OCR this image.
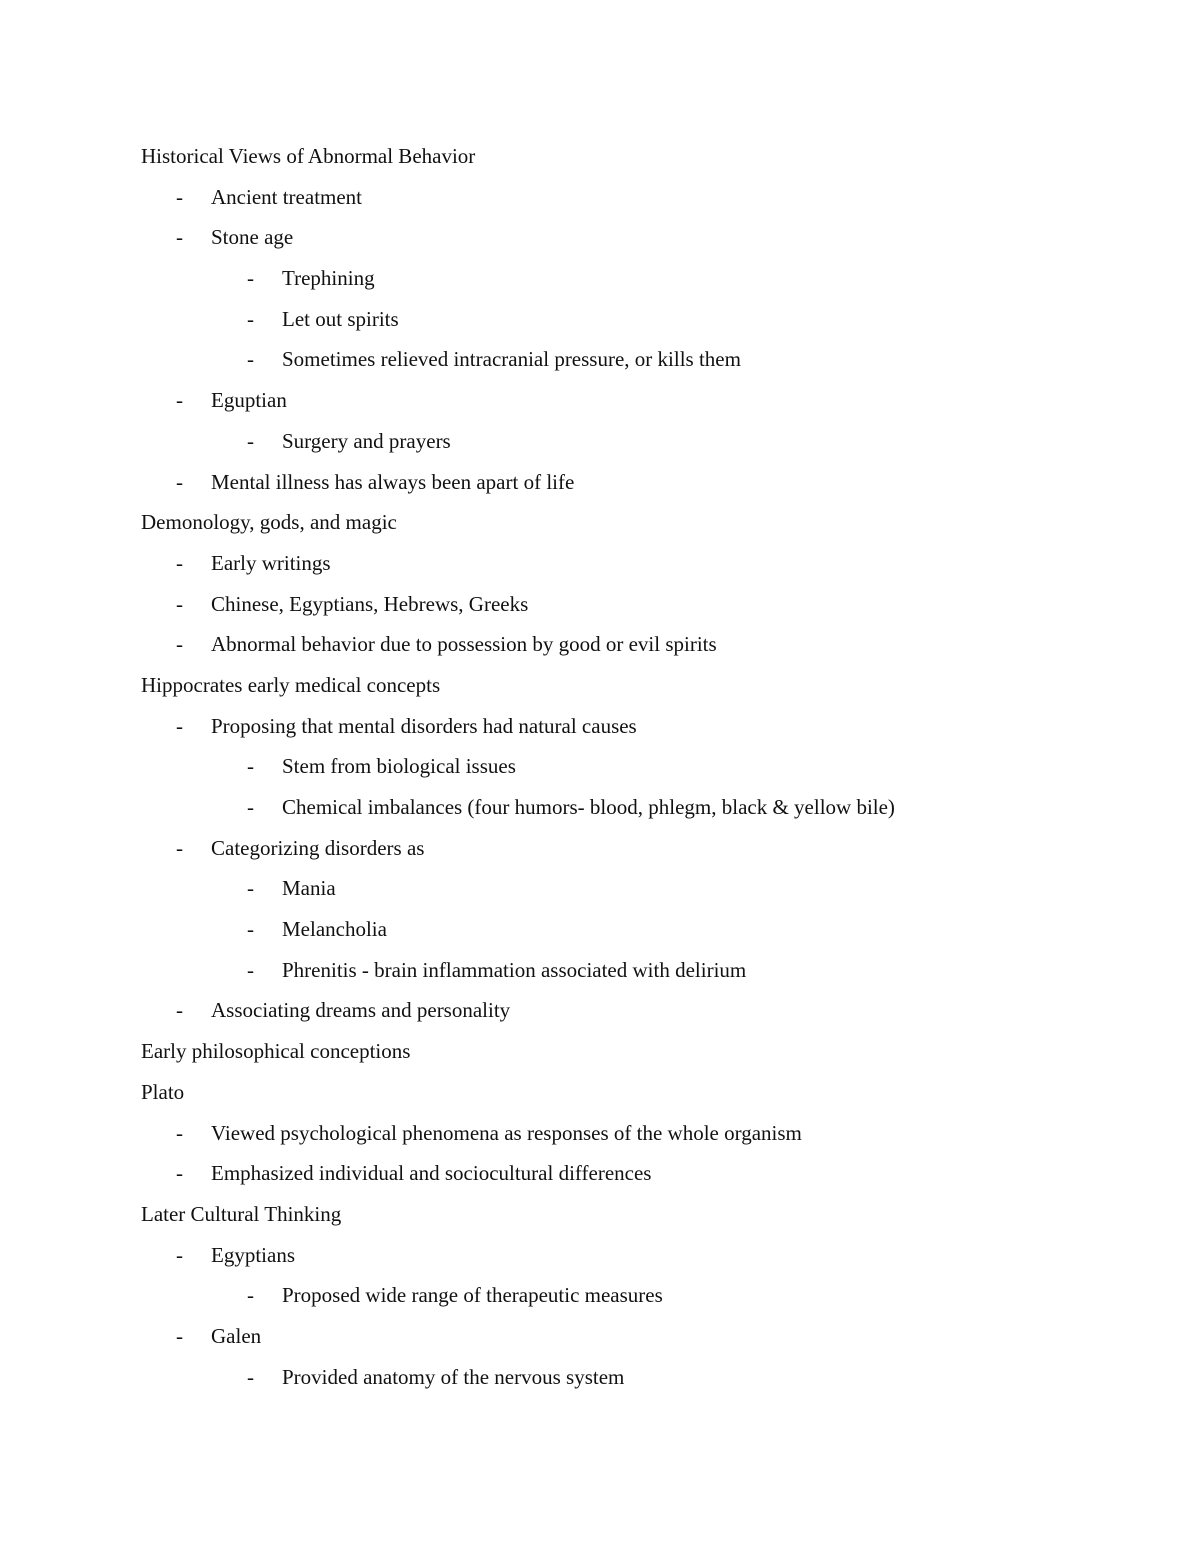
Historical Views of Abnormal Behavior
- Ancient treatment
- Stone age
- Trephining
- Let out spirits
- Sometimes relieved intracranial pressure, or kills them
- Eguptian
- Surgery and prayers
- Mental illness has always been apart of life
Demonology, gods, and magic
- Early writings
- Chinese, Egyptians, Hebrews, Greeks
- Abnormal behavior due to possession by good or evil spirits
Hippocrates early medical concepts
- Proposing that mental disorders had natural causes
- Stem from biological issues
- Chemical imbalances (four humors- blood, phlegm, black & yellow bile)
- Categorizing disorders as
- Mania
- Melancholia
- Phrenitis - brain inflammation associated with delirium
- Associating dreams and personality
Early philosophical conceptions
Plato
- Viewed psychological phenomena as responses of the whole organism
- Emphasized individual and sociocultural differences
Later Cultural Thinking
- Egyptians
- Proposed wide range of therapeutic measures
- Galen
- Provided anatomy of the nervous system
